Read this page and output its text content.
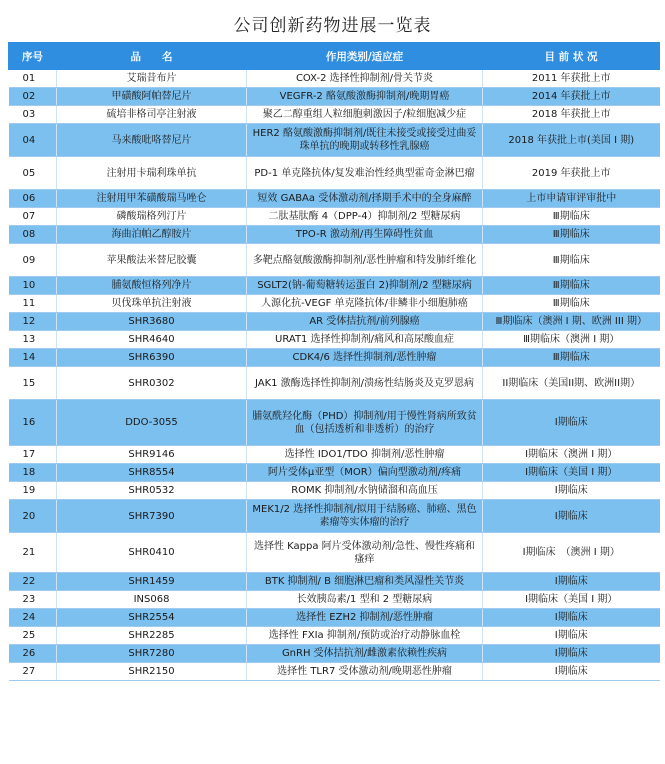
公司创新药物进展一览表
序号	品　　名	作用类别/适应症	目 前 状 况
01	艾瑞昔布片	COX-2 选择性抑制剂/骨关节炎	2011 年获批上市
02	甲磺酸阿帕替尼片	VEGFR-2 酪氨酸激酶抑制剂/晚期胃癌	2014 年获批上市
03	硫培非格司亭注射液	聚乙二醇重组人粒细胞刺激因子/粒细胞减少症	2018 年获批上市
04	马来酸吡咯替尼片	HER2 酪氨酸激酶抑制剂/既往未接受或接受过曲妥珠单抗的晚期或转移性乳腺癌	2018 年获批上市(美国 I 期)
05	注射用卡瑞利珠单抗	PD-1 单克隆抗体/复发难治性经典型霍奇金淋巴瘤	2019 年获批上市
06	注射用甲苯磺酸瑞马唑仑	短效 GABAa 受体激动剂/择期手术中的全身麻醉	上市申请审评审批中
07	磷酸瑞格列汀片	二肽基肽酶 4（DPP-4）抑制剂/2 型糖尿病	Ⅲ期临床
08	海曲泊帕乙醇胺片	TPO-R 激动剂/再生障碍性贫血	Ⅲ期临床
09	苹果酸法米替尼胶囊	多靶点酪氨酸激酶抑制剂/恶性肿瘤和特发肺纤维化	Ⅲ期临床
10	脯氨酸恒格列净片	SGLT2(钠-葡萄糖转运蛋白 2)抑制剂/2 型糖尿病	Ⅲ期临床
11	贝伐珠单抗注射液	人源化抗-VEGF 单克隆抗体/非鳞非小细胞肺癌	Ⅲ期临床
12	SHR3680	AR 受体拮抗剂/前列腺癌	Ⅲ期临床（澳洲 I 期、欧洲 III 期）
13	SHR4640	URAT1 选择性抑制剂/痛风和高尿酸血症	Ⅲ期临床（澳洲 I 期）
14	SHR6390	CDK4/6 选择性抑制剂/恶性肿瘤	Ⅲ期临床
15	SHR0302	JAK1 激酶选择性抑制剂/溃疡性结肠炎及克罗恩病	II期临床（美国II期、欧洲II期）
16	DDO-3055	脯氨酰羟化酶（PHD）抑制剂/用于慢性肾病所致贫血（包括透析和非透析）的治疗	Ⅰ期临床
17	SHR9146	选择性 IDO1/TDO 抑制剂/恶性肿瘤	Ⅰ期临床（澳洲 I 期）
18	SHR8554	阿片受体μ亚型（MOR）偏向型激动剂/疼痛	Ⅰ期临床（美国 I 期）
19	SHR0532	ROMK 抑制剂/水钠储溜和高血压	Ⅰ期临床
20	SHR7390	MEK1/2 选择性抑制剂/拟用于结肠癌、肺癌、黑色素瘤等实体瘤的治疗	Ⅰ期临床
21	SHR0410	选择性 Kappa 阿片受体激动剂/急性、慢性疼痛和瘙痒	Ⅰ期临床　（澳洲 I 期）
22	SHR1459	BTK 抑制剂/ B 细胞淋巴瘤和类风湿性关节炎	Ⅰ期临床
23	INS068	长效胰岛素/1 型和 2 型糖尿病	Ⅰ期临床（美国 I 期）
24	SHR2554	选择性 EZH2 抑制剂/恶性肿瘤	Ⅰ期临床
25	SHR2285	选择性 FXIa 抑制剂/预防或治疗动静脉血栓	Ⅰ期临床
26	SHR7280	GnRH 受体拮抗剂/雌激素依赖性疾病	Ⅰ期临床
27	SHR2150	选择性 TLR7 受体激动剂/晚期恶性肿瘤	Ⅰ期临床
